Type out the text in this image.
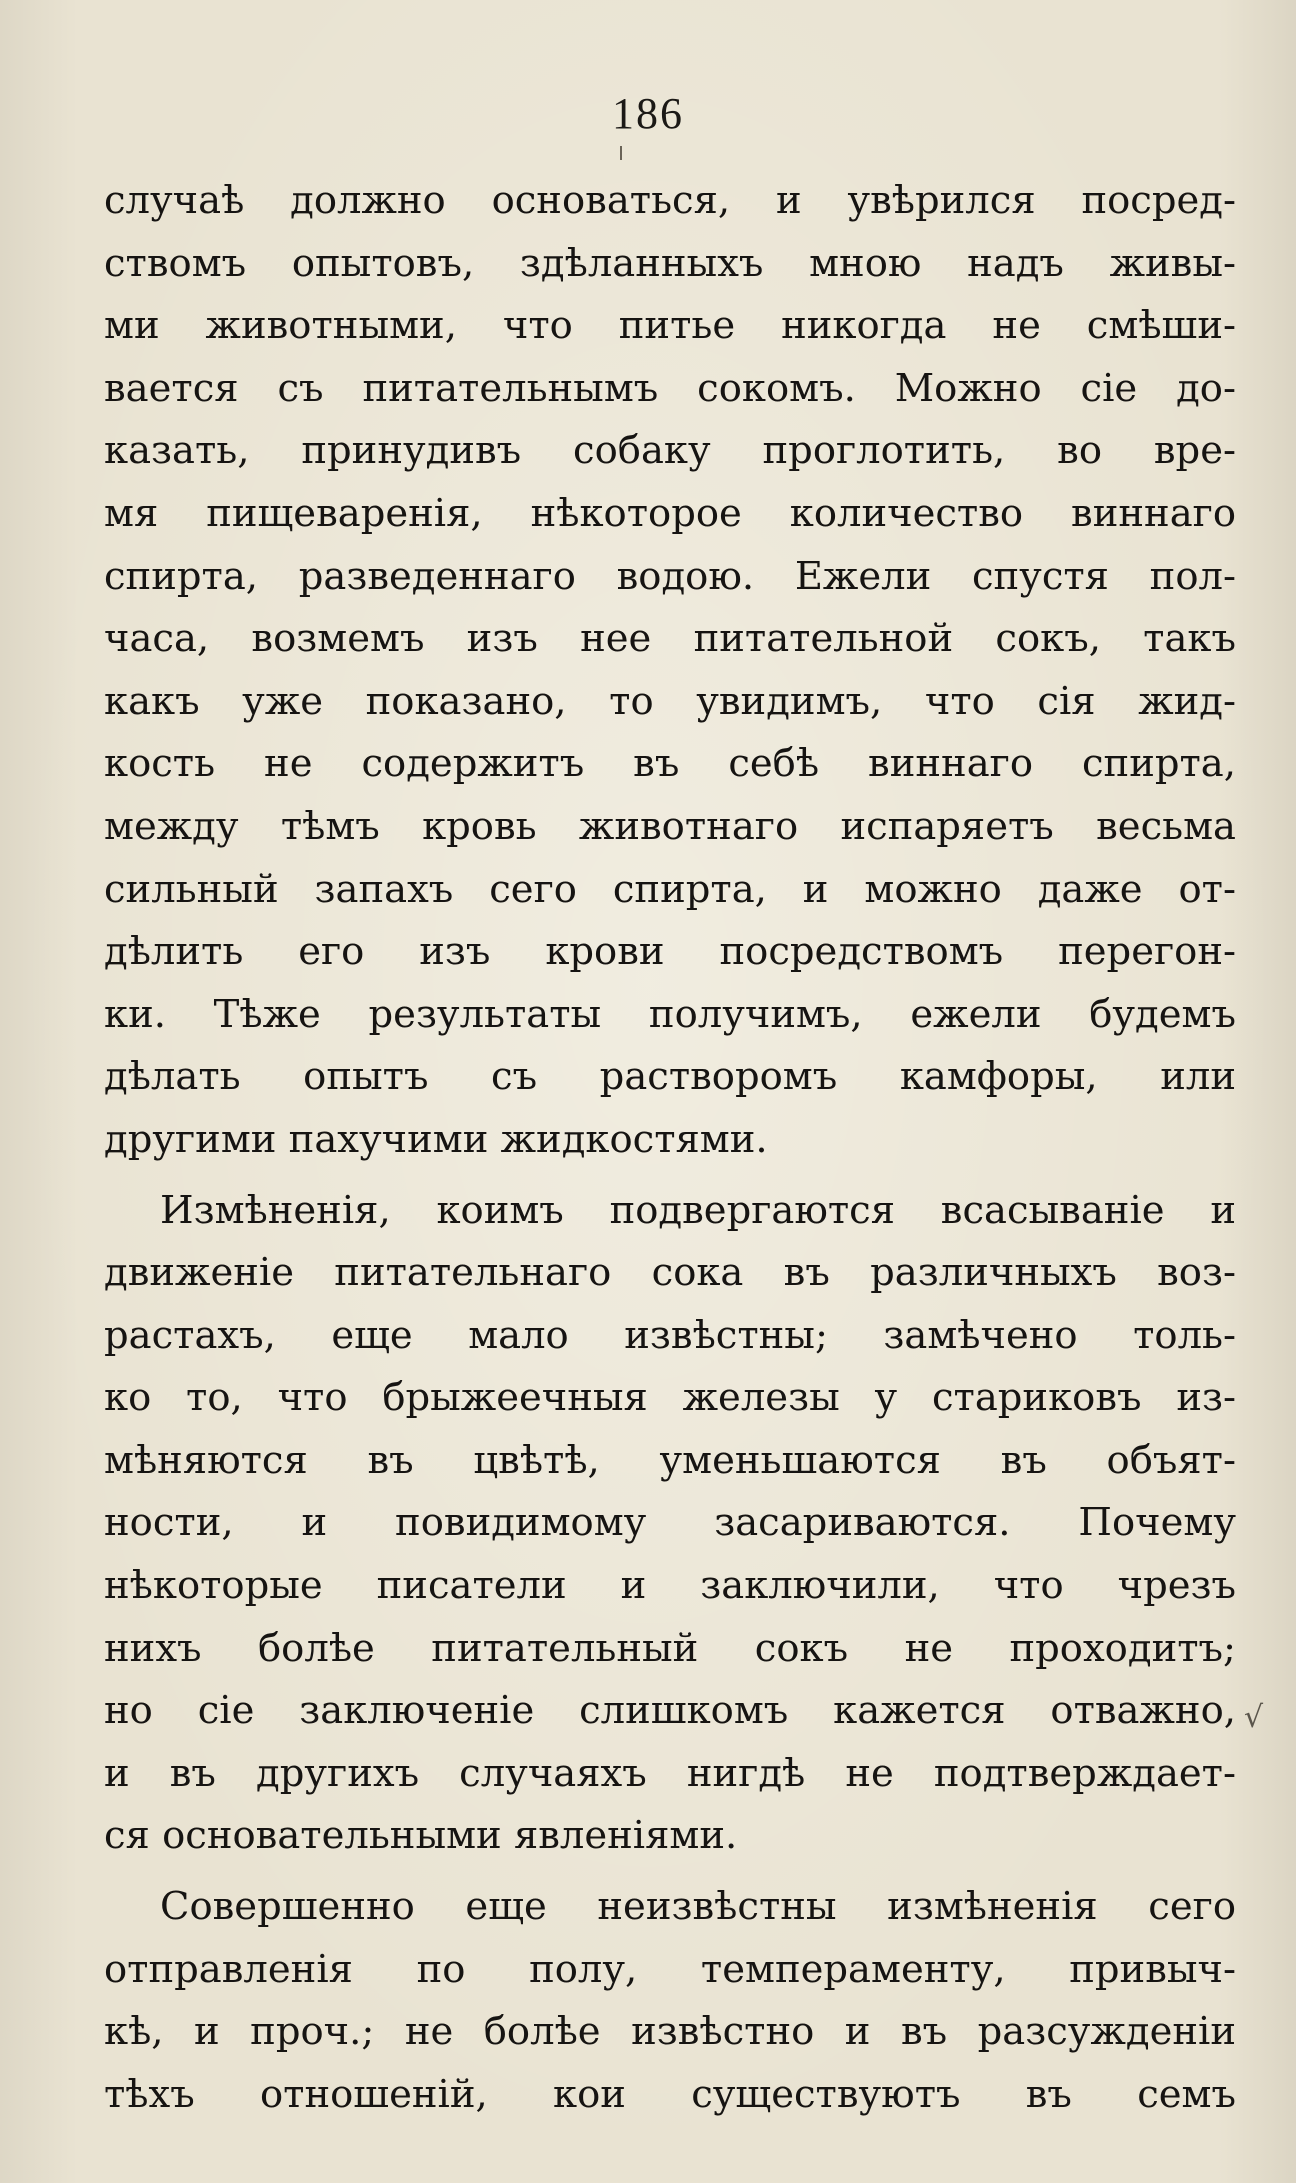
186
случаѣ должно основаться, и увѣрился посред-
ствомъ опытовъ, здѣланныхъ мною надъ живы-
ми животными, что питье никогда не смѣши-
вается съ питательнымъ сокомъ. Можно сіе до-
казать, принудивъ собаку проглотить, во вре-
мя пищеваренія, нѣкоторое количество виннаго
спирта, разведеннаго водою. Ежели спустя пол-
часа, возмемъ изъ нее питательной сокъ, такъ
какъ уже показано, то увидимъ, что сія жид-
кость не содержитъ въ себѣ виннаго спирта,
между тѣмъ кровь животнаго испаряетъ весьма
сильный запахъ сего спирта, и можно даже от-
дѣлить его изъ крови посредствомъ перегон-
ки. Тѣже результаты получимъ, ежели будемъ
дѣлать опытъ съ растворомъ камфоры, или
другими пахучими жидкостями.
Измѣненія, коимъ подвергаются всасываніе и
движеніе питательнаго сока въ различныхъ воз-
растахъ, еще мало извѣстны; замѣчено толь-
ко то, что брыжеечныя железы у стариковъ из-
мѣняются въ цвѣтѣ, уменьшаются въ объят-
ности, и повидимому засариваются. Почему
нѣкоторые писатели и заключили, что чрезъ
нихъ болѣе питательный сокъ не проходитъ;
но сіе заключеніе слишкомъ кажется отважно,
и въ другихъ случаяхъ нигдѣ не подтверждает-
ся основательными явленіями.
Совершенно еще неизвѣстны измѣненія сего
отправленія по полу, темпераменту, привыч-
кѣ, и проч.; не болѣе извѣстно и въ разсужденіи
тѣхъ отношеній, кои существуютъ въ семъ
√
